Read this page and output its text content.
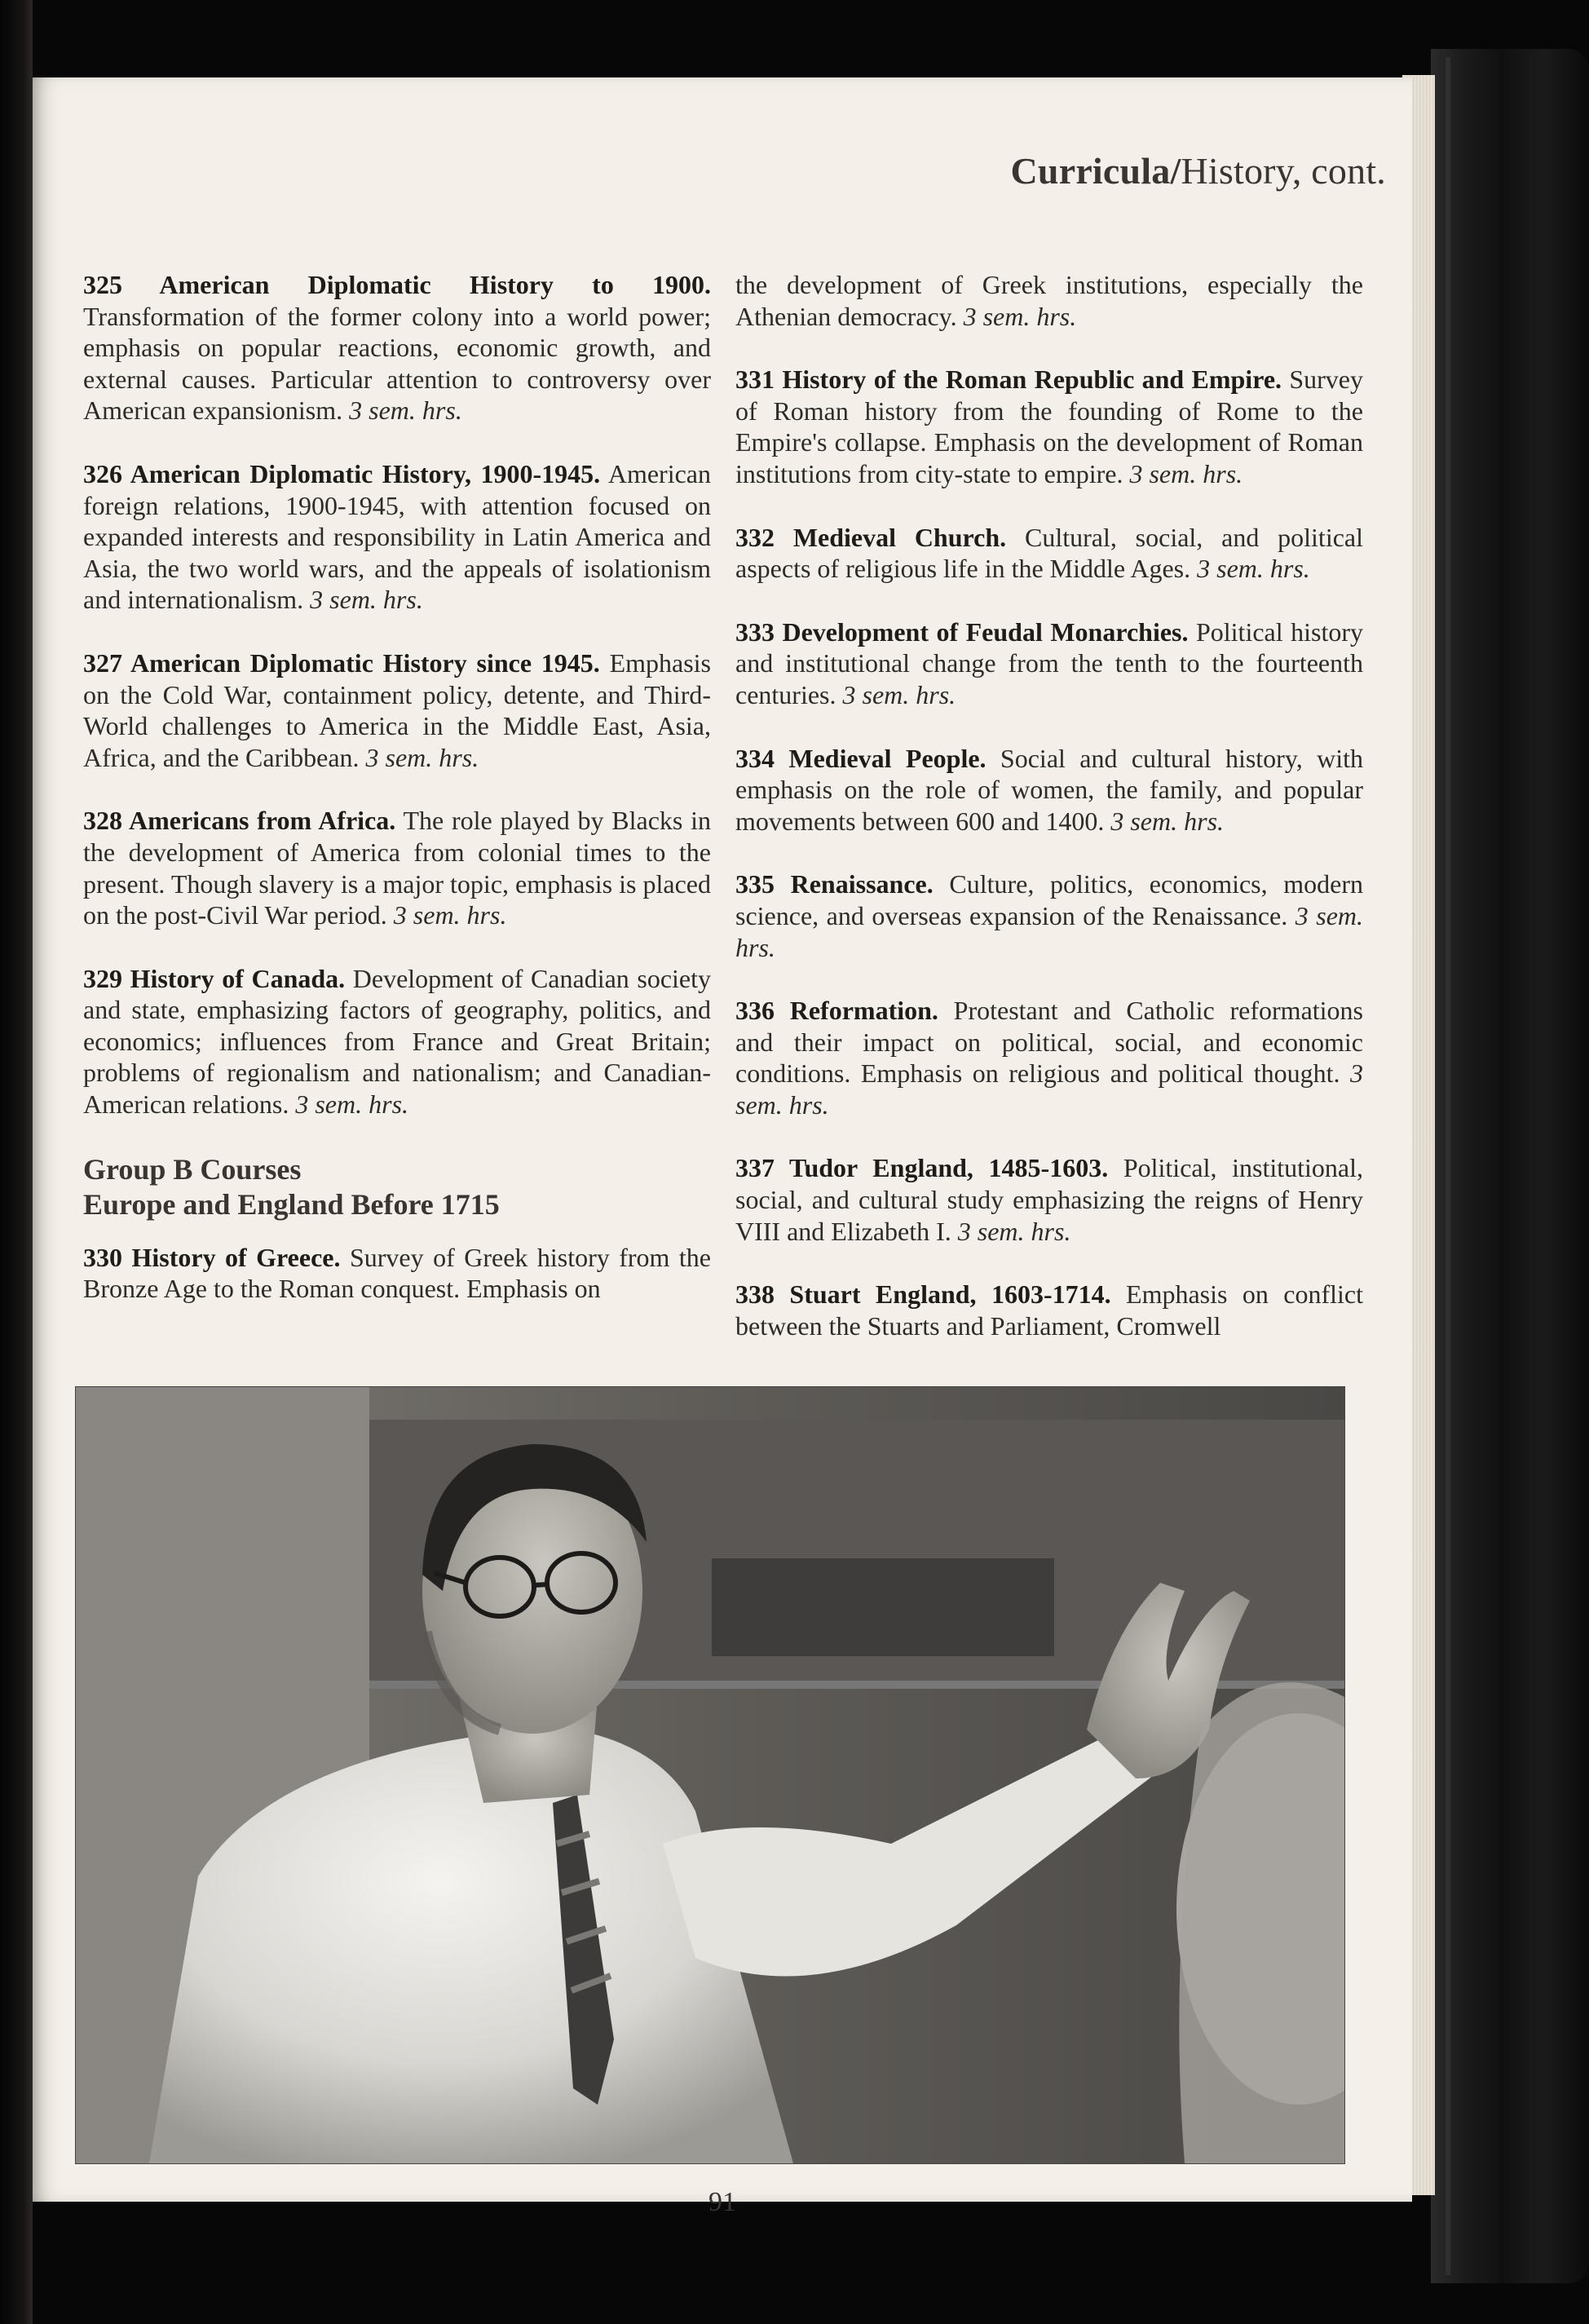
Curricula/History, cont.

325 American Diplomatic History to 1900. Transformation of the former colony into a world power; emphasis on popular reactions, economic growth, and external causes. Particular attention to controversy over American expansionism. 3 sem. hrs.

326 American Diplomatic History, 1900-1945. American foreign relations, 1900-1945, with attention focused on expanded interests and responsibility in Latin America and Asia, the two world wars, and the appeals of isolationism and internationalism. 3 sem. hrs.

327 American Diplomatic History since 1945. Emphasis on the Cold War, containment policy, detente, and Third-World challenges to America in the Middle East, Asia, Africa, and the Caribbean. 3 sem. hrs.

328 Americans from Africa. The role played by Blacks in the development of America from colonial times to the present. Though slavery is a major topic, emphasis is placed on the post-Civil War period. 3 sem. hrs.

329 History of Canada. Development of Canadian society and state, emphasizing factors of geography, politics, and economics; influences from France and Great Britain; problems of regionalism and nationalism; and Canadian-American relations. 3 sem. hrs.

Group B Courses
Europe and England Before 1715

330 History of Greece. Survey of Greek history from the Bronze Age to the Roman conquest. Emphasis on

the development of Greek institutions, especially the Athenian democracy. 3 sem. hrs.

331 History of the Roman Republic and Empire. Survey of Roman history from the founding of Rome to the Empire's collapse. Emphasis on the development of Roman institutions from city-state to empire. 3 sem. hrs.

332 Medieval Church. Cultural, social, and political aspects of religious life in the Middle Ages. 3 sem. hrs.

333 Development of Feudal Monarchies. Political history and institutional change from the tenth to the fourteenth centuries. 3 sem. hrs.

334 Medieval People. Social and cultural history, with emphasis on the role of women, the family, and popular movements between 600 and 1400. 3 sem. hrs.

335 Renaissance. Culture, politics, economics, modern science, and overseas expansion of the Renaissance. 3 sem. hrs.

336 Reformation. Protestant and Catholic reformations and their impact on political, social, and economic conditions. Emphasis on religious and political thought. 3 sem. hrs.

337 Tudor England, 1485-1603. Political, institutional, social, and cultural study emphasizing the reigns of Henry VIII and Elizabeth I. 3 sem. hrs.

338 Stuart England, 1603-1714. Emphasis on conflict between the Stuarts and Parliament, Cromwell

91
